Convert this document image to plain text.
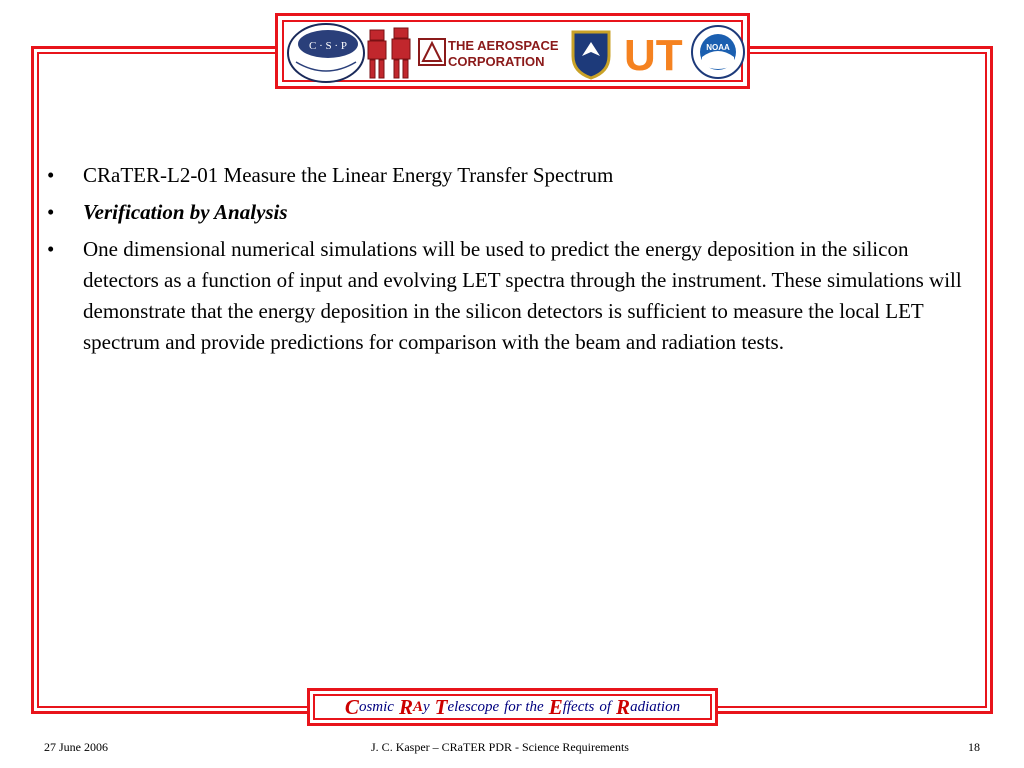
C · S · P	THE AEROSPACE
CORPORATION UT	NOAA
• CRaTER-L2-01 Measure the Linear Energy Transfer Spectrum
• Verification by Analysis
• One dimensional numerical simulations will be used to predict the energy deposition in the silicon detectors as a function of input and evolving LET spectra through the instrument. These simulations will demonstrate that the energy deposition in the silicon detectors is sufficient to measure the local LET spectrum and provide predictions for comparison with the beam and radiation tests.
C osmic R A y T elescope for the E ffects of R adiation
27 June 2006	J. C. Kasper – CRaTER PDR - Science Requirements	18
